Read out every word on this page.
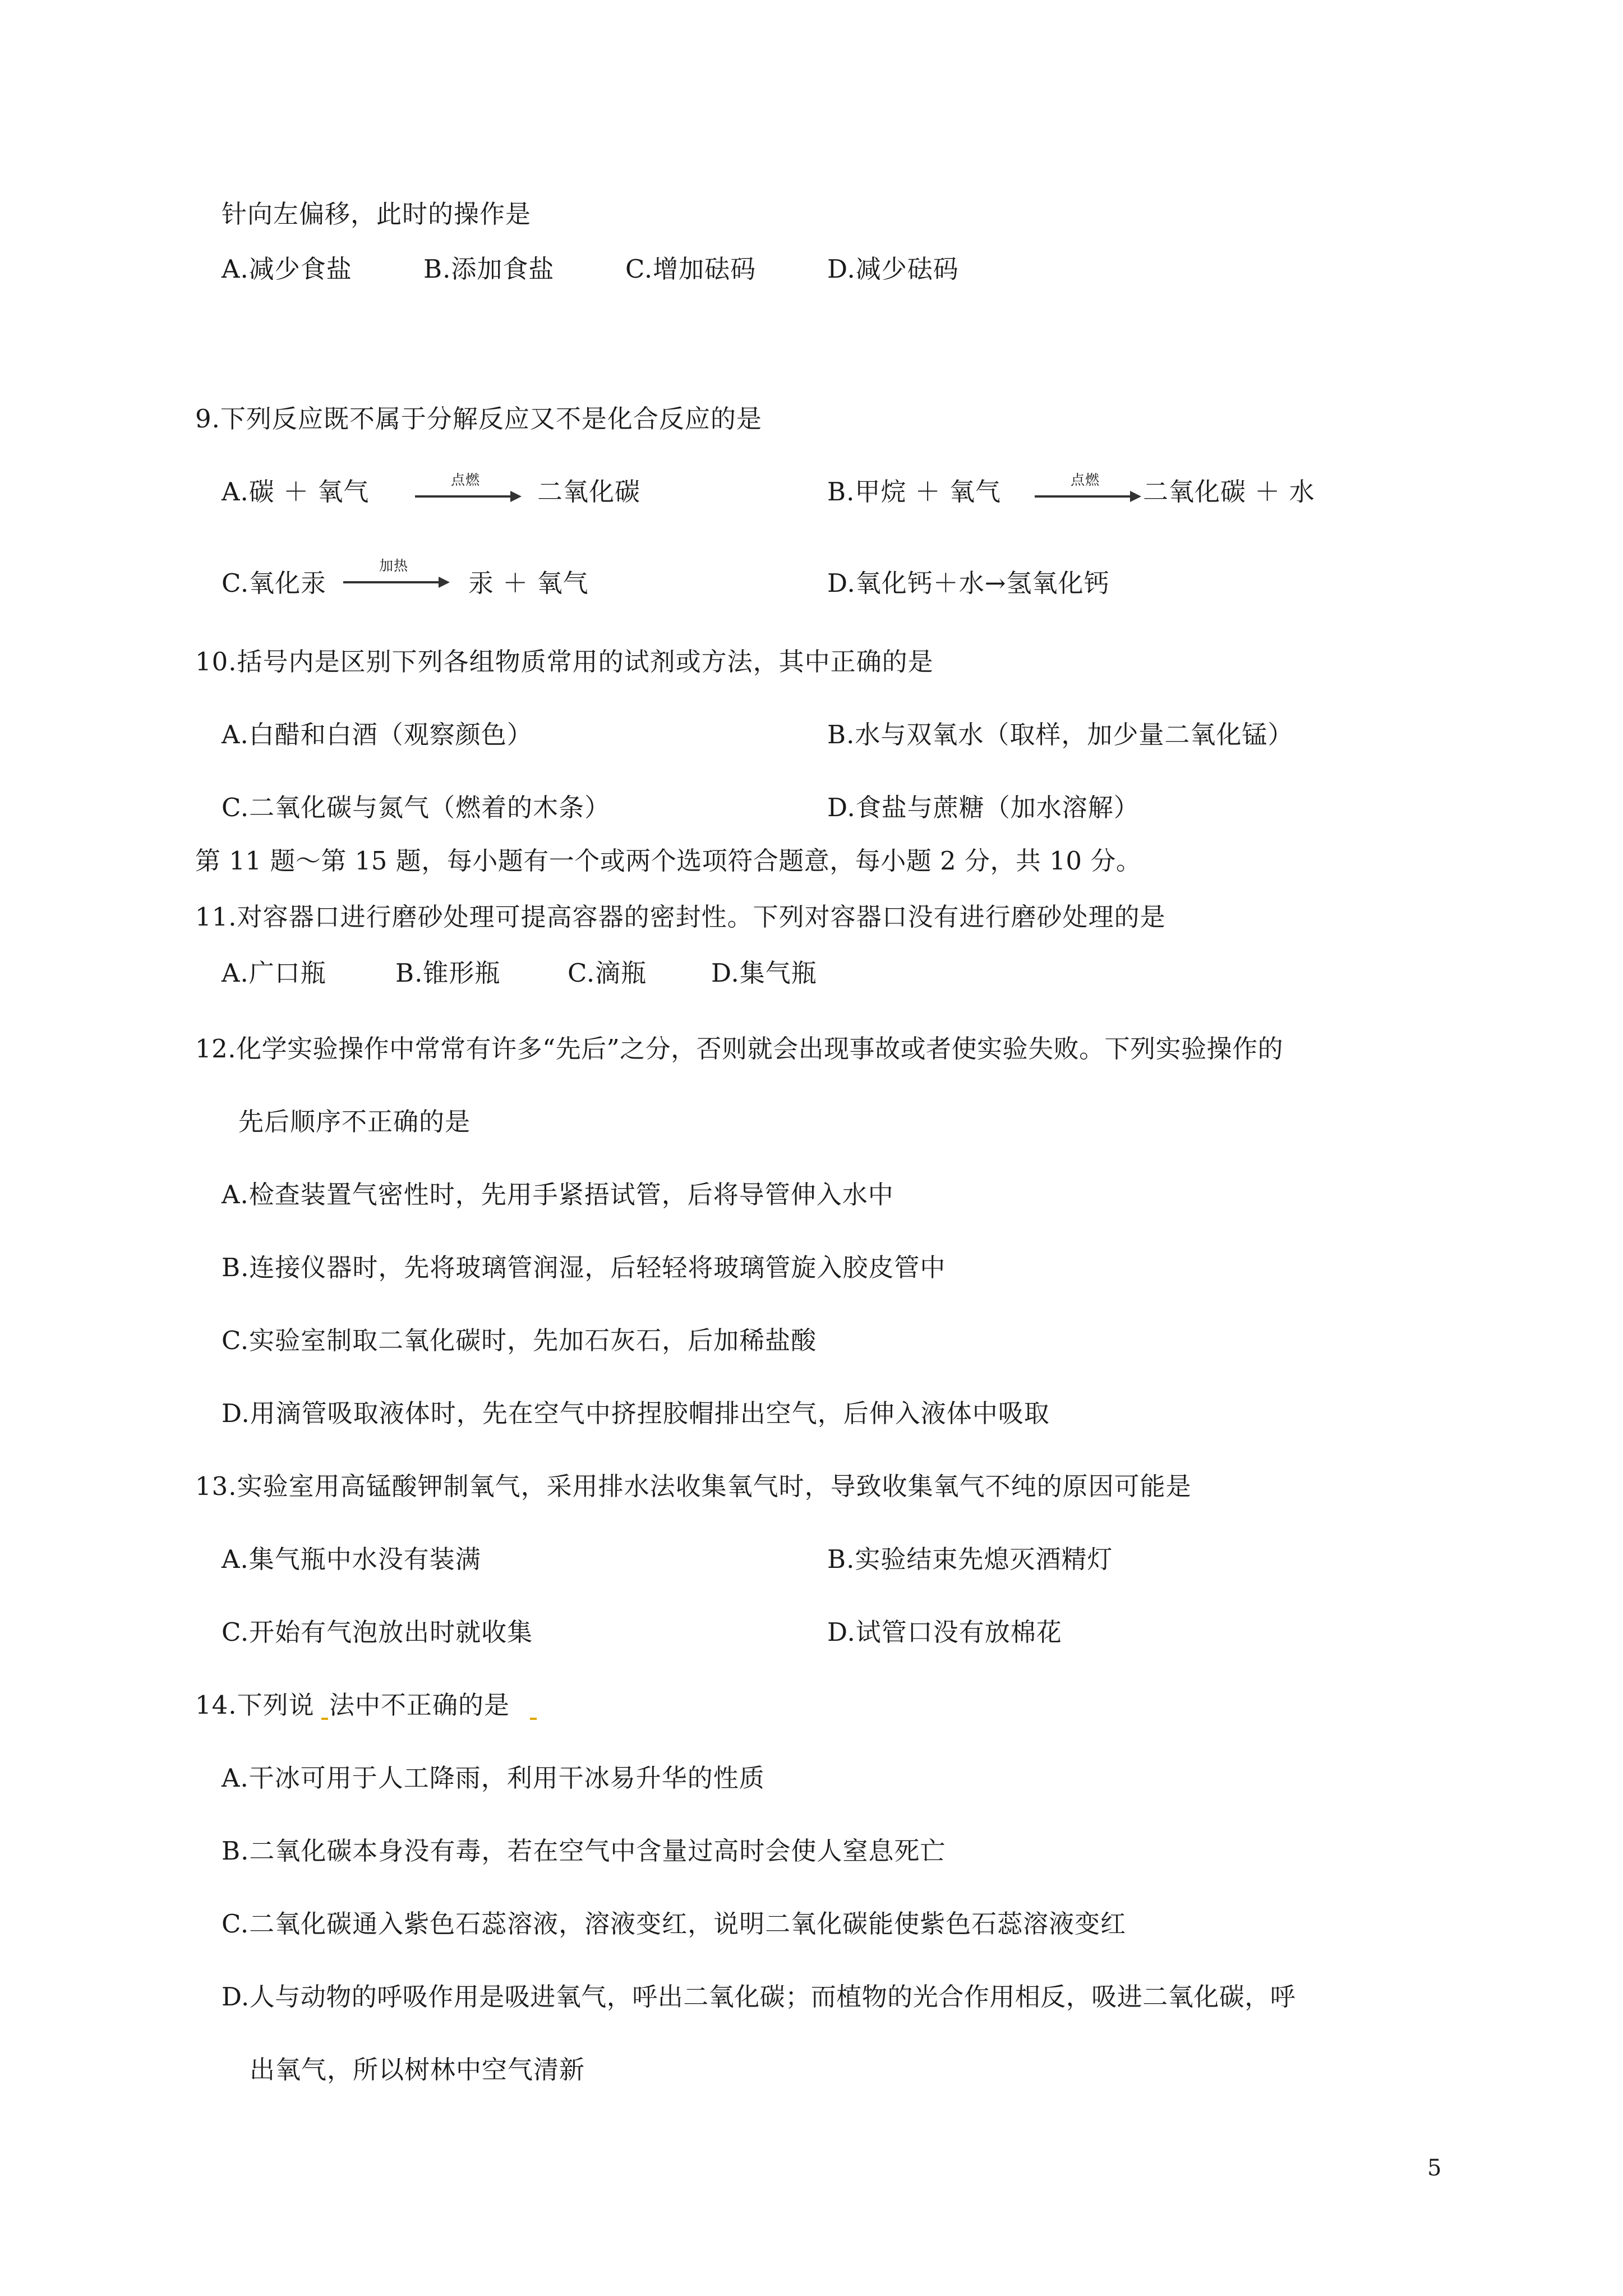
针向左偏移，此时的操作是
A.减少食盐	B.添加食盐	C.增加砝码	D.减少砝码
9.下列反应既不属于分解反应又不是化合反应的是
A.碳 ＋ 氧气	点燃	二氧化碳	B.甲烷 ＋ 氧气	点燃	二氧化碳 ＋ 水
C.氧化汞
加热
汞 ＋ 氧气	D.氧化钙＋水→氢氧化钙
10.括号内是区别下列各组物质常用的试剂或方法，其中正确的是
A.白醋和白酒（观察颜色）	B.水与双氧水（取样，加少量二氧化锰）
C.二氧化碳与氮气（燃着的木条）	D.食盐与蔗糖（加水溶解）
第 11 题～第 15 题，每小题有一个或两个选项符合题意，每小题 2 分，共 10 分。
11.对容器口进行磨砂处理可提高容器的密封性。下列对容器口没有进行磨砂处理的是
A.广口瓶	B.锥形瓶	C.滴瓶	D.集气瓶
12.化学实验操作中常常有许多“先后”之分，否则就会出现事故或者使实验失败。下列实验操作的
先后顺序不正确的是
A.检查装置气密性时，先用手紧捂试管，后将导管伸入水中
B.连接仪器时，先将玻璃管润湿，后轻轻将玻璃管旋入胶皮管中
C.实验室制取二氧化碳时，先加石灰石，后加稀盐酸
D.用滴管吸取液体时，先在空气中挤捏胶帽排出空气，后伸入液体中吸取
13.实验室用高锰酸钾制氧气，采用排水法收集氧气时，导致收集氧气不纯的原因可能是
A.集气瓶中水没有装满	B.实验结束先熄灭酒精灯
C.开始有气泡放出时就收集	D.试管口没有放棉花
14.下列说 法中不正确的是
A.干冰可用于人工降雨，利用干冰易升华的性质
B.二氧化碳本身没有毒，若在空气中含量过高时会使人窒息死亡
C.二氧化碳通入紫色石蕊溶液，溶液变红，说明二氧化碳能使紫色石蕊溶液变红
D.人与动物的呼吸作用是吸进氧气，呼出二氧化碳；而植物的光合作用相反，吸进二氧化碳，呼
出氧气，所以树林中空气清新
5
